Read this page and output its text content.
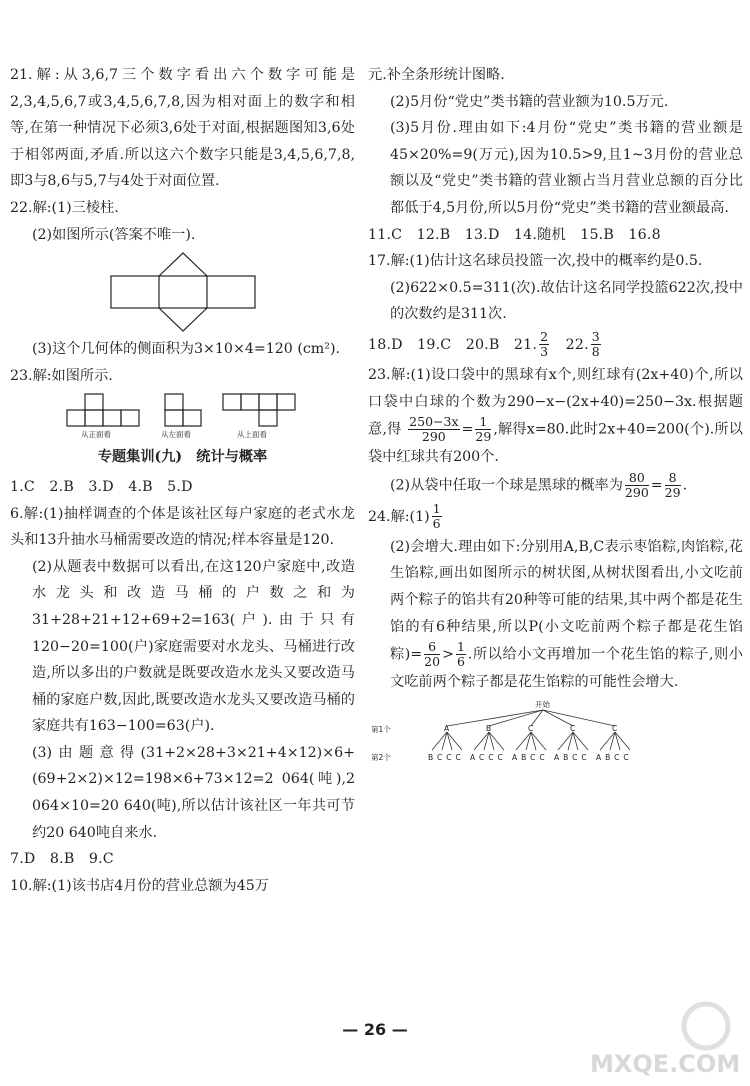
21.解:从3,6,7三个数字看出六个数字可能是2,3,4,5,6,7或3,4,5,6,7,8,因为相对面上的数字和相等,在第一种情况下必须3,6处于对面,根据题图知3,6处于相邻两面,矛盾.所以这六个数字只能是3,4,5,6,7,8,即3与8,6与5,7与4处于对面位置.

22.解:(1)三棱柱.

(2)如图所示(答案不唯一).

(3)这个几何体的侧面积为3×10×4=120 (cm²).

23.解:如图所示.

从正面看	从左面看	从上面看

专题集训(九)　统计与概率

1.C　2.B　3.D　4.B　5.D

6.解:(1)抽样调查的个体是该社区每户家庭的老式水龙头和13升抽水马桶需要改造的情况;样本容量是120.

(2)从题表中数据可以看出,在这120户家庭中,改造水龙头和改造马桶的户数之和为31+28+21+12+69+2=163(户).由于只有120−20=100(户)家庭需要对水龙头、马桶进行改造,所以多出的户数就是既要改造水龙头又要改造马桶的家庭户数,因此,既要改造水龙头又要改造马桶的家庭共有163−100=63(户).

(3)由题意得(31+2×28+3×21+4×12)×6+(69+2×2)×12=198×6+73×12=2 064(吨),2 064×10=20 640(吨),所以估计该社区一年共可节约20 640吨自来水.

7.D　8.B　9.C

10.解:(1)该书店4月份的营业总额为45万

元.补全条形统计图略.

(2)5月份“党史”类书籍的营业额为10.5万元.

(3)5月份.理由如下:4月份“党史”类书籍的营业额是45×20%=9(万元),因为10.5>9,且1~3月份的营业总额以及“党史”类书籍的营业额占当月营业总额的百分比都低于4,5月份,所以5月份“党史”类书籍的营业额最高.

11.C　12.B　13.D　14.随机　15.B　16.8

17.解:(1)估计这名球员投篮一次,投中的概率约是0.5.

(2)622×0.5=311(次).故估计这名同学投篮622次,投中的次数约是311次.

18.D　19.C　20.B　21. $\frac{2}{3}$ 　22. $\frac{3}{8}$

23.解:(1)设口袋中的黑球有x个,则红球有(2x+40)个,所以口袋中白球的个数为290−x−(2x+40)=250−3x.根据题意,得 $\frac{250-3x}{290} = \frac{1}{29}$ ,解得x=80.此时2x+40=200(个).所以袋中红球共有200个.

(2)从袋中任取一个球是黑球的概率为 $\frac{80}{290} = \frac{8}{29}$ .

24.解:(1) $\frac{1}{6}$

(2)会增大.理由如下:分别用A,B,C表示枣馅粽,肉馅粽,花生馅粽,画出如图所示的树状图,从树状图看出,小文吃前两个粽子的馅共有20种等可能的结果,其中两个都是花生馅的有6种结果,所以P(小文吃前两个粽子都是花生馅粽)= $\frac{6}{20} > \frac{1}{6}$ .所以给小文再增加一个花生馅的粽子,则小文吃前两个粽子都是花生馅粽的可能性会增大.

开始
第1个
第2个
A	B	C	C	C
BCCC ACCC ABCC ABCC ABCC
— 26 —
MXQE.COM
